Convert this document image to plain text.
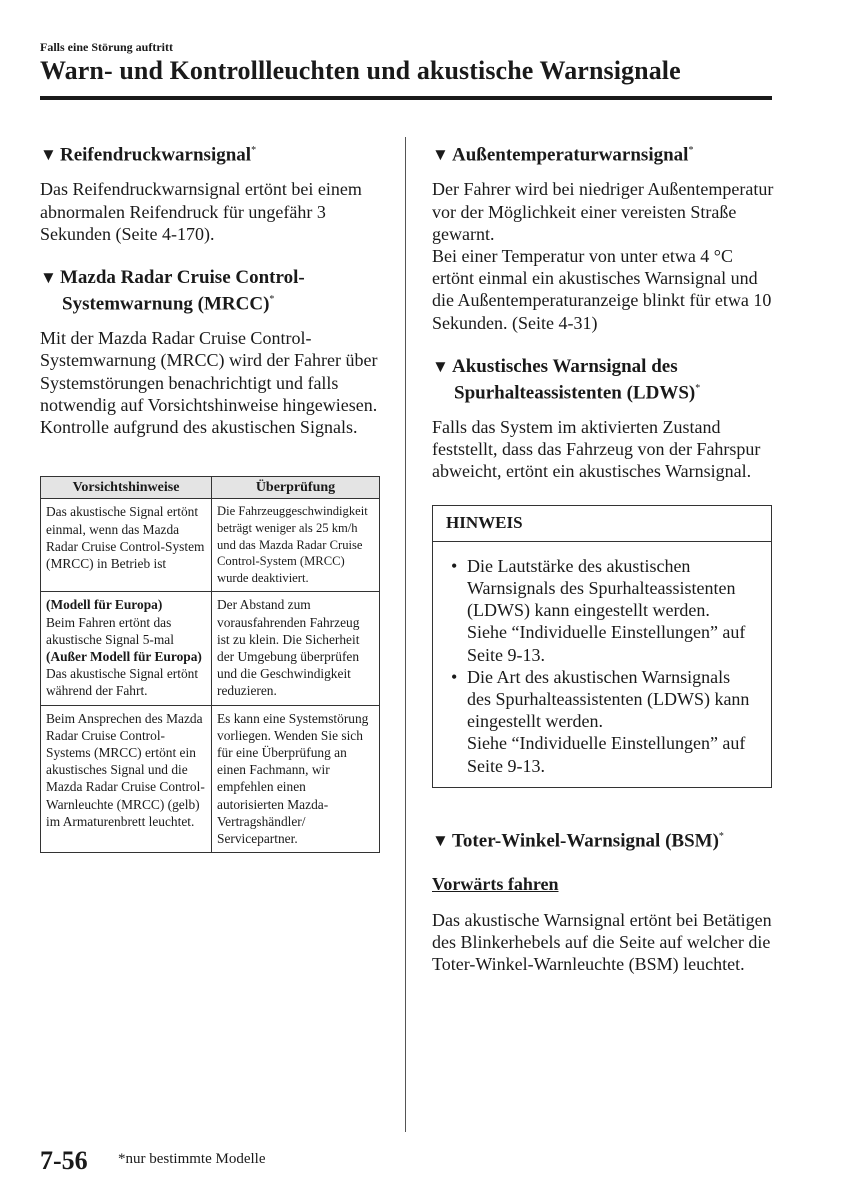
Falls eine Störung auftritt
Warn- und Kontrollleuchten und akustische Warnsignale
▼ Reifendruckwarnsignal*

Das Reifendruckwarnsignal ertönt bei einem abnormalen Reifendruck für ungefähr 3 Sekunden (Seite 4-170).

▼ Mazda Radar Cruise Control-
Systemwarnung (MRCC)*

Mit der Mazda Radar Cruise Control-Systemwarnung (MRCC) wird der Fahrer über Systemstörungen benachrichtigt und falls notwendig auf Vorsichtshinweise hingewiesen.

Kontrolle aufgrund des akustischen Signals.

Vorsichtshinweise	Überprüfung
Das akustische Signal ertönt einmal, wenn das Mazda Radar Cruise Control-System (MRCC) in Betrieb ist	Die Fahrzeuggeschwindigkeit beträgt weniger als 25 km/h und das Mazda Radar Cruise Control-System (MRCC) wurde deaktiviert.
(Modell für Europa)
Beim Fahren ertönt das akustische Signal 5-mal
(Außer Modell für Europa)
Das akustische Signal ertönt während der Fahrt.	Der Abstand zum vorausfahrenden Fahrzeug ist zu klein. Die Sicherheit der Umgebung überprüfen und die Geschwindigkeit reduzieren.
Beim Ansprechen des Mazda Radar Cruise Control-Systems (MRCC) ertönt ein akustisches Signal und die Mazda Radar Cruise Control-Warnleuchte (MRCC) (gelb) im Armaturenbrett leuchtet.	Es kann eine Systemstörung vorliegen. Wenden Sie sich für eine Überprüfung an einen Fachmann, wir empfehlen einen autorisierten Mazda-Vertragshändler/ Servicepartner.
▼ Außentemperaturwarnsignal*

Der Fahrer wird bei niedriger Außentemperatur vor der Möglichkeit einer vereisten Straße gewarnt.

Bei einer Temperatur von unter etwa 4 °C ertönt einmal ein akustisches Warnsignal und die Außentemperaturanzeige blinkt für etwa 10 Sekunden. (Seite 4-31)

▼ Akustisches Warnsignal des
Spurhalteassistenten (LDWS)*

Falls das System im aktivierten Zustand feststellt, dass das Fahrzeug von der Fahrspur abweicht, ertönt ein akustisches Warnsignal.

HINWEIS
• Die Lautstärke des akustischen Warnsignals des Spurhalteassistenten (LDWS) kann eingestellt werden.
Siehe “Individuelle Einstellungen” auf Seite 9-13.
• Die Art des akustischen Warnsignals des Spurhalteassistenten (LDWS) kann eingestellt werden.
Siehe “Individuelle Einstellungen” auf Seite 9-13.
▼ Toter-Winkel-Warnsignal (BSM)*

Vorwärts fahren

Das akustische Warnsignal ertönt bei Betätigen des Blinkerhebels auf die Seite auf welcher die Toter-Winkel-Warnleuchte (BSM) leuchtet.

7-56 *nur bestimmte Modelle
